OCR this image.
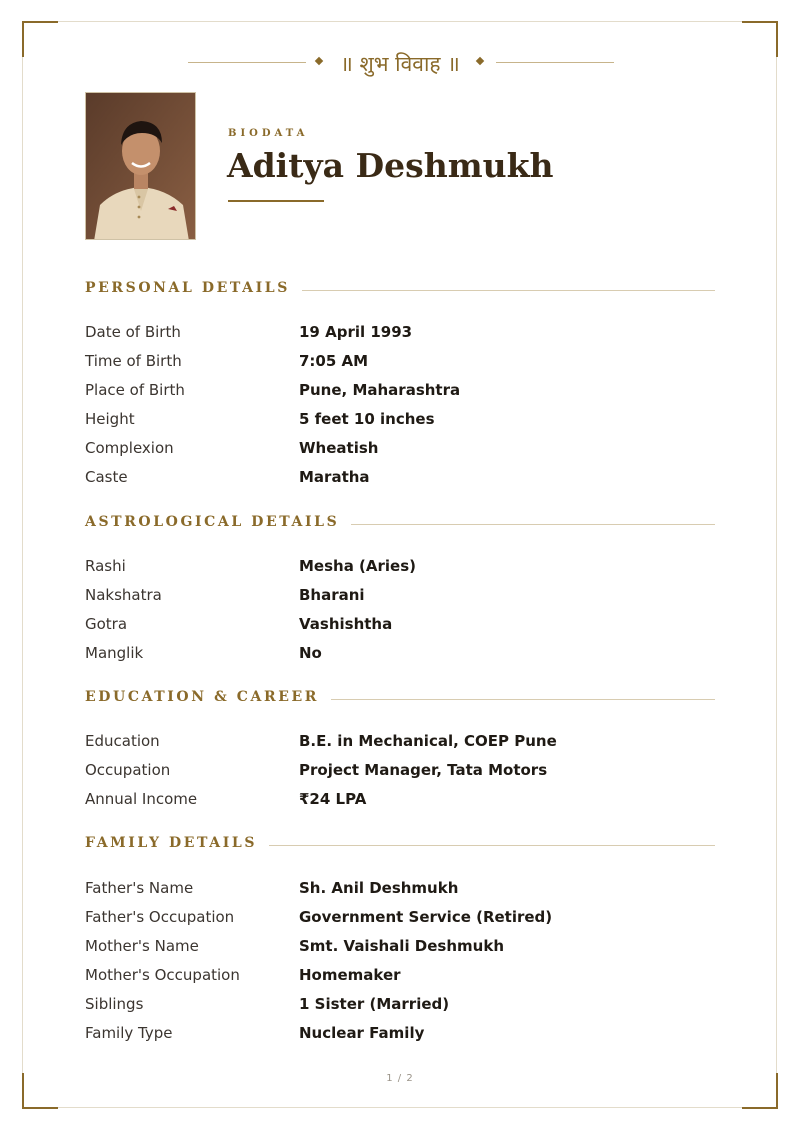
॥ शुभ विवाह ॥
BIODATA
Aditya Deshmukh
PERSONAL DETAILS
Date of Birth	19 April 1993
Time of Birth	7:05 AM
Place of Birth	Pune, Maharashtra
Height	5 feet 10 inches
Complexion	Wheatish
Caste	Maratha
ASTROLOGICAL DETAILS
Rashi	Mesha (Aries)
Nakshatra	Bharani
Gotra	Vashishtha
Manglik	No
EDUCATION & CAREER
Education	B.E. in Mechanical, COEP Pune
Occupation	Project Manager, Tata Motors
Annual Income	₹24 LPA
FAMILY DETAILS
Father's Name	Sh. Anil Deshmukh
Father's Occupation	Government Service (Retired)
Mother's Name	Smt. Vaishali Deshmukh
Mother's Occupation	Homemaker
Siblings	1 Sister (Married)
Family Type	Nuclear Family
1 / 2
